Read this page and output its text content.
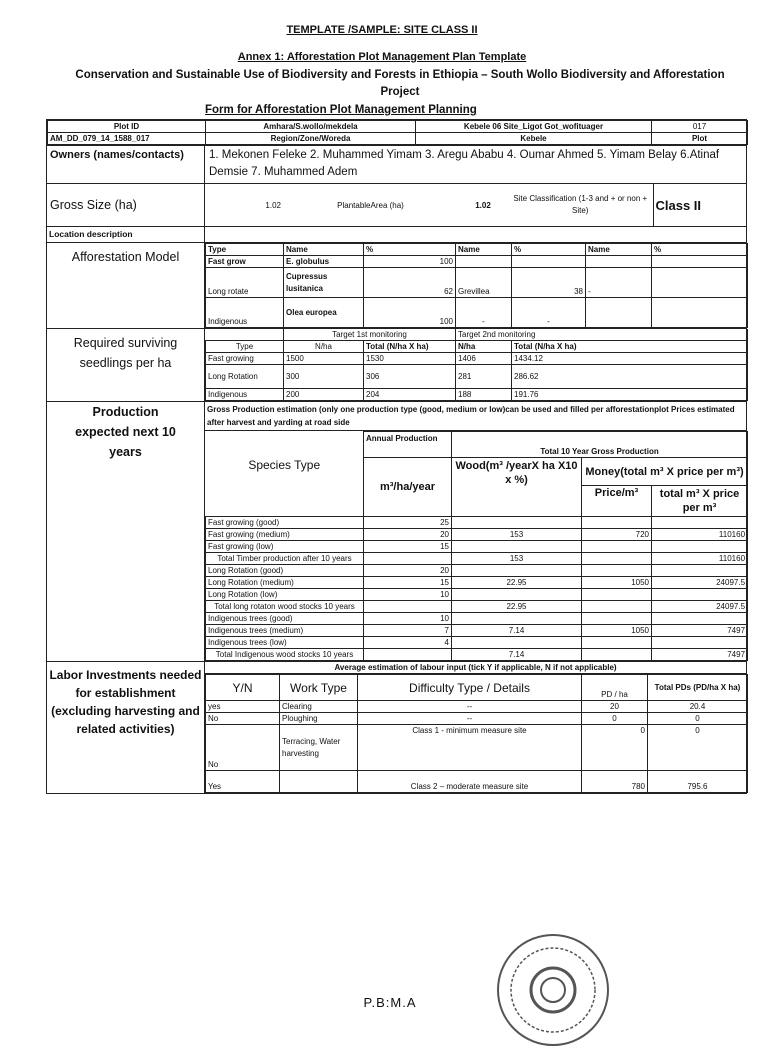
TEMPLATE /SAMPLE: SITE CLASS II
Annex 1: Afforestation Plot Management Plan Template
Conservation and Sustainable Use of Biodiversity and Forests in Ethiopia – South Wollo Biodiversity and Afforestation Project
Form for Afforestation Plot Management Planning
Plot ID	Amhara/S.wollo/mekdela	Kebele 06 Site_Ligot Got_wofituager	017
AM_DD_079_14_1588_017	Region/Zone/Woreda	Kebele	Plot

Owners (names/contacts)	1. Mekonen Feleke 2. Muhammed Yimam 3. Aregu Ababu 4. Oumar Ahmed 5. Yimam Belay 6.Atinaf Demsie 7. Muhammed Adem
Gross Size (ha)		1.02	PlantableArea (ha)	1.02	Site Classification (1-3 and + or non + Site)	Class II

Location description	
Afforestation Model	
Type	Name	%	Name	%	Name	%
Fast grow	E. globulus	100				
Long rotate	Cupressus lusitanica	62	Grevillea	38	-	
Indigenous	Olea europea	100	-	-		

Required surviving seedlings per ha	
	Target 1st monitoring	Target 2nd monitoring
Type	N/ha	Total (N/ha X ha)	N/ha	Total (N/ha X ha)
Fast growing	1500	1530	1406	1434.12
Long Rotation	300	306	281	286.62
Indigenous	200	204	188	191.76

Production expected next 10 years	
Gross Production estimation (only one production type (good, medium or low)can be used and filled per afforestationplot Prices estimated after harvest and yarding at road side
	Annual Production	Total 10 Year Gross Production
Species Type	m³/ha/year	Wood(m³ /yearX ha X10 x %)	Money(total m³ X price per m³)
Price/m³	total m³ X price per m³
Fast growing (good)	25			
Fast growing (medium)	20	153	720	110160
Fast growing (low)	15			
Total Timber production after 10 years		153		110160
Long Rotation (good)	20			
Long Rotation (medium)	15	22.95	1050	24097.5
Long Rotation (low)	10			
Total long rotaton wood stocks 10 years		22.95		24097.5
Indigenous trees (good)	10			
Indigenous trees (medium)	7	7.14	1050	7497
Indigenous trees (low)	4			
Total Indigenous wood stocks 10 years		7.14		7497

Labor Investments needed for establishment (excluding harvesting and related activities)	
Average estimation of labour input (tick Y if applicable, N if not applicable)
Y/N	Work Type	Difficulty Type / Details	PD / ha	Total PDs (PD/ha X ha)
yes	Clearing	--	20	20.4
No	Ploughing	--	0	0
No	Terracing, Water harvesting	Class 1 - minimum measure site	0	0
Yes		Class 2 – moderate measure site	780	795.6
P.B:M.A
